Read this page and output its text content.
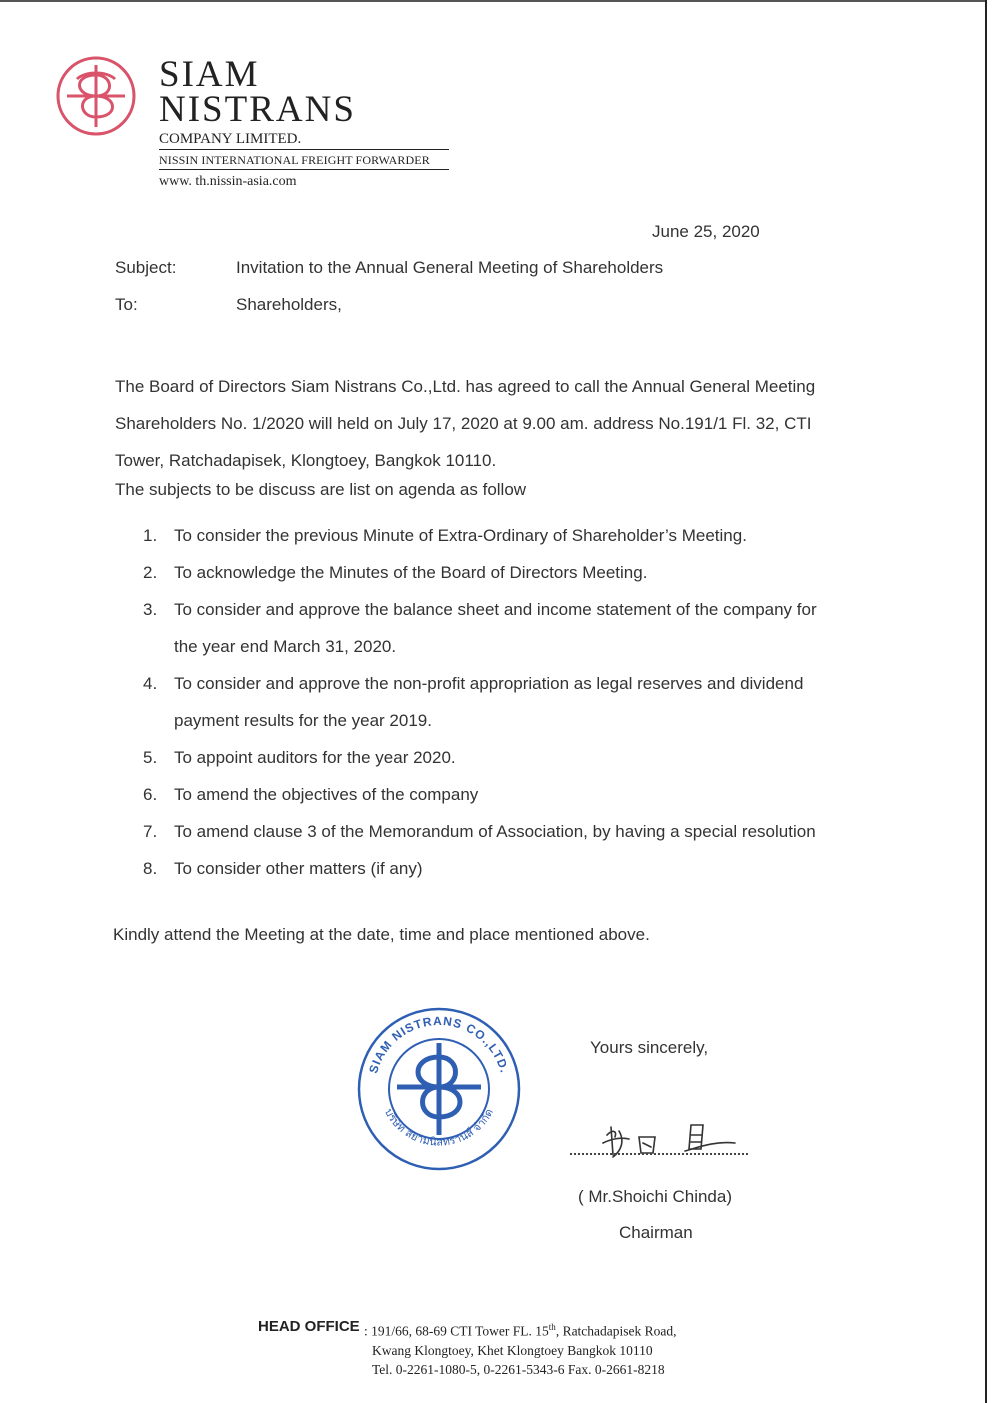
SIAM
NISTRANS
COMPANY LIMITED.
NISSIN INTERNATIONAL FREIGHT FORWARDER
www. th.nissin-asia.com
June 25, 2020
Subject:	Invitation to the Annual General Meeting of Shareholders
To:	Shareholders,

The Board of Directors Siam Nistrans Co.,Ltd. has agreed to call the Annual General Meeting

Shareholders No. 1/2020 will held on July 17, 2020 at 9.00 am. address No.191/1 Fl. 32, CTI

Tower, Ratchadapisek, Klongtoey, Bangkok 10110.

The subjects to be discuss are list on agenda as follow
1. To consider the previous Minute of Extra-Ordinary of Shareholder’s Meeting.
2. To acknowledge the Minutes of the Board of Directors Meeting.
3. To consider and approve the balance sheet and income statement of the company for
the year end March 31, 2020.
4. To consider and approve the non-profit appropriation as legal reserves and dividend
payment results for the year 2019.
5. To appoint auditors for the year 2020.
6. To amend the objectives of the company
7. To amend clause 3 of the Memorandum of Association, by having a special resolution
8. To consider other matters (if any)
Kindly attend the Meeting at the date, time and place mentioned above.
SIAM NISTRANS CO.,LTD.
บริษัท สยามนิสทรานส์ จำกัด
Yours sincerely,
( Mr.Shoichi Chinda)
Chairman
HEAD OFFICE : 191/66, 68-69 CTI Tower FL. 15th, Ratchadapisek Road,
Kwang Klongtoey, Khet Klongtoey Bangkok 10110
Tel. 0-2261-1080-5, 0-2261-5343-6 Fax. 0-2661-8218
